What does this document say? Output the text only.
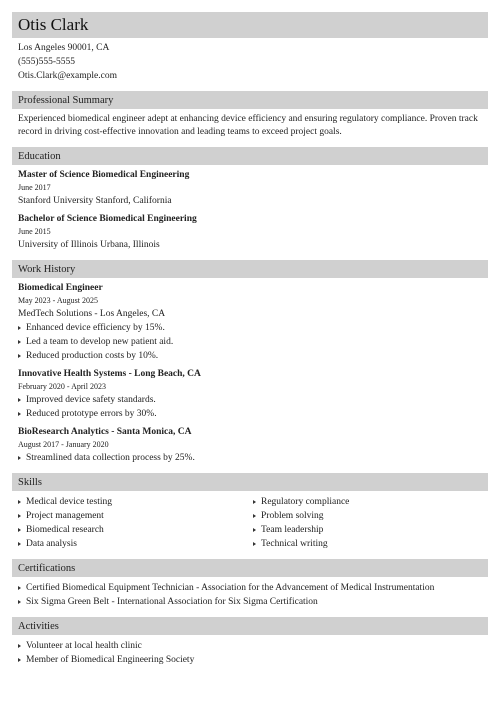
Otis Clark
Los Angeles 90001, CA
(555)555-5555
Otis.Clark@example.com
Professional Summary
Experienced biomedical engineer adept at enhancing device efficiency and ensuring regulatory compliance. Proven track record in driving cost-effective innovation and leading teams to exceed project goals.
Education
Master of Science Biomedical Engineering
June 2017
Stanford University Stanford, California
Bachelor of Science Biomedical Engineering
June 2015
University of Illinois Urbana, Illinois
Work History
Biomedical Engineer
May 2023 - August 2025
MedTech Solutions - Los Angeles, CA
Enhanced device efficiency by 15%.
Led a team to develop new patient aid.
Reduced production costs by 10%.
Innovative Health Systems - Long Beach, CA
February 2020 - April 2023
Improved device safety standards.
Reduced prototype errors by 30%.
BioResearch Analytics - Santa Monica, CA
August 2017 - January 2020
Streamlined data collection process by 25%.
Skills
Medical device testing
Project management
Biomedical research
Data analysis
Regulatory compliance
Problem solving
Team leadership
Technical writing
Certifications
Certified Biomedical Equipment Technician - Association for the Advancement of Medical Instrumentation
Six Sigma Green Belt - International Association for Six Sigma Certification
Activities
Volunteer at local health clinic
Member of Biomedical Engineering Society
